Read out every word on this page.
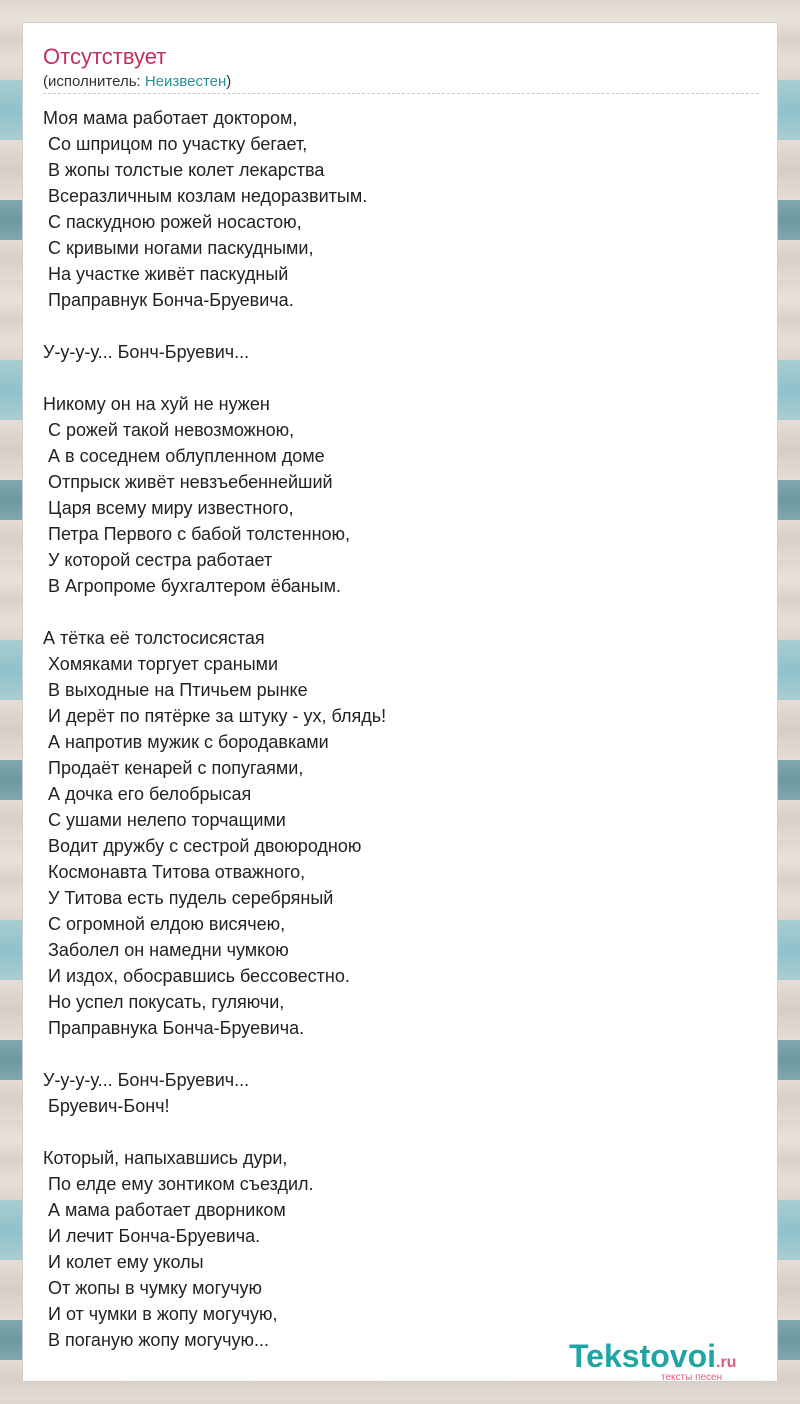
Отсутствует
(исполнитель: Неизвестен)
Моя мама работает доктором,
Со шприцом по участку бегает,
В жопы толстые колет лекарства
Всеразличным козлам недоразвитым.
С паскудною рожей носастою,
С кривыми ногами паскудными,
На участке живёт паскудный
Праправнук Бонча-Бруевича.
У-у-у-у... Бонч-Бруевич...
Никому он на хуй не нужен
С рожей такой невозможною,
А в соседнем облупленном доме
Отпрыск живёт невзъебеннейший
Царя всему миру известного,
Петра Первого с бабой толстенною,
У которой сестра работает
В Агропроме бухгалтером ёбаным.
А тётка её толстосисястая
Хомяками торгует сраными
В выходные на Птичьем рынке
И дерёт по пятёрке за штуку - ух, блядь!
А напротив мужик с бородавками
Продаёт кенарей с попугаями,
А дочка его белобрысая
С ушами нелепо торчащими
Водит дружбу с сестрой двоюродною
Космонавта Титова отважного,
У Титова есть пудель серебряный
С огромной елдою висячею,
Заболел он намедни чумкою
И издох, обосравшись бессовестно.
Но успел покусать, гуляючи,
Праправнука Бонча-Бруевича.
У-у-у-у... Бонч-Бруевич...
Бруевич-Бонч!
Который, напыхавшись дури,
По елде ему зонтиком съездил.
А мама работает дворником
И лечит Бонча-Бруевича.
И колет ему уколы
От жопы в чумку могучую
И от чумки в жопу могучую,
В поганую жопу могучую...	Tekstovoi.ru
тексты песен
